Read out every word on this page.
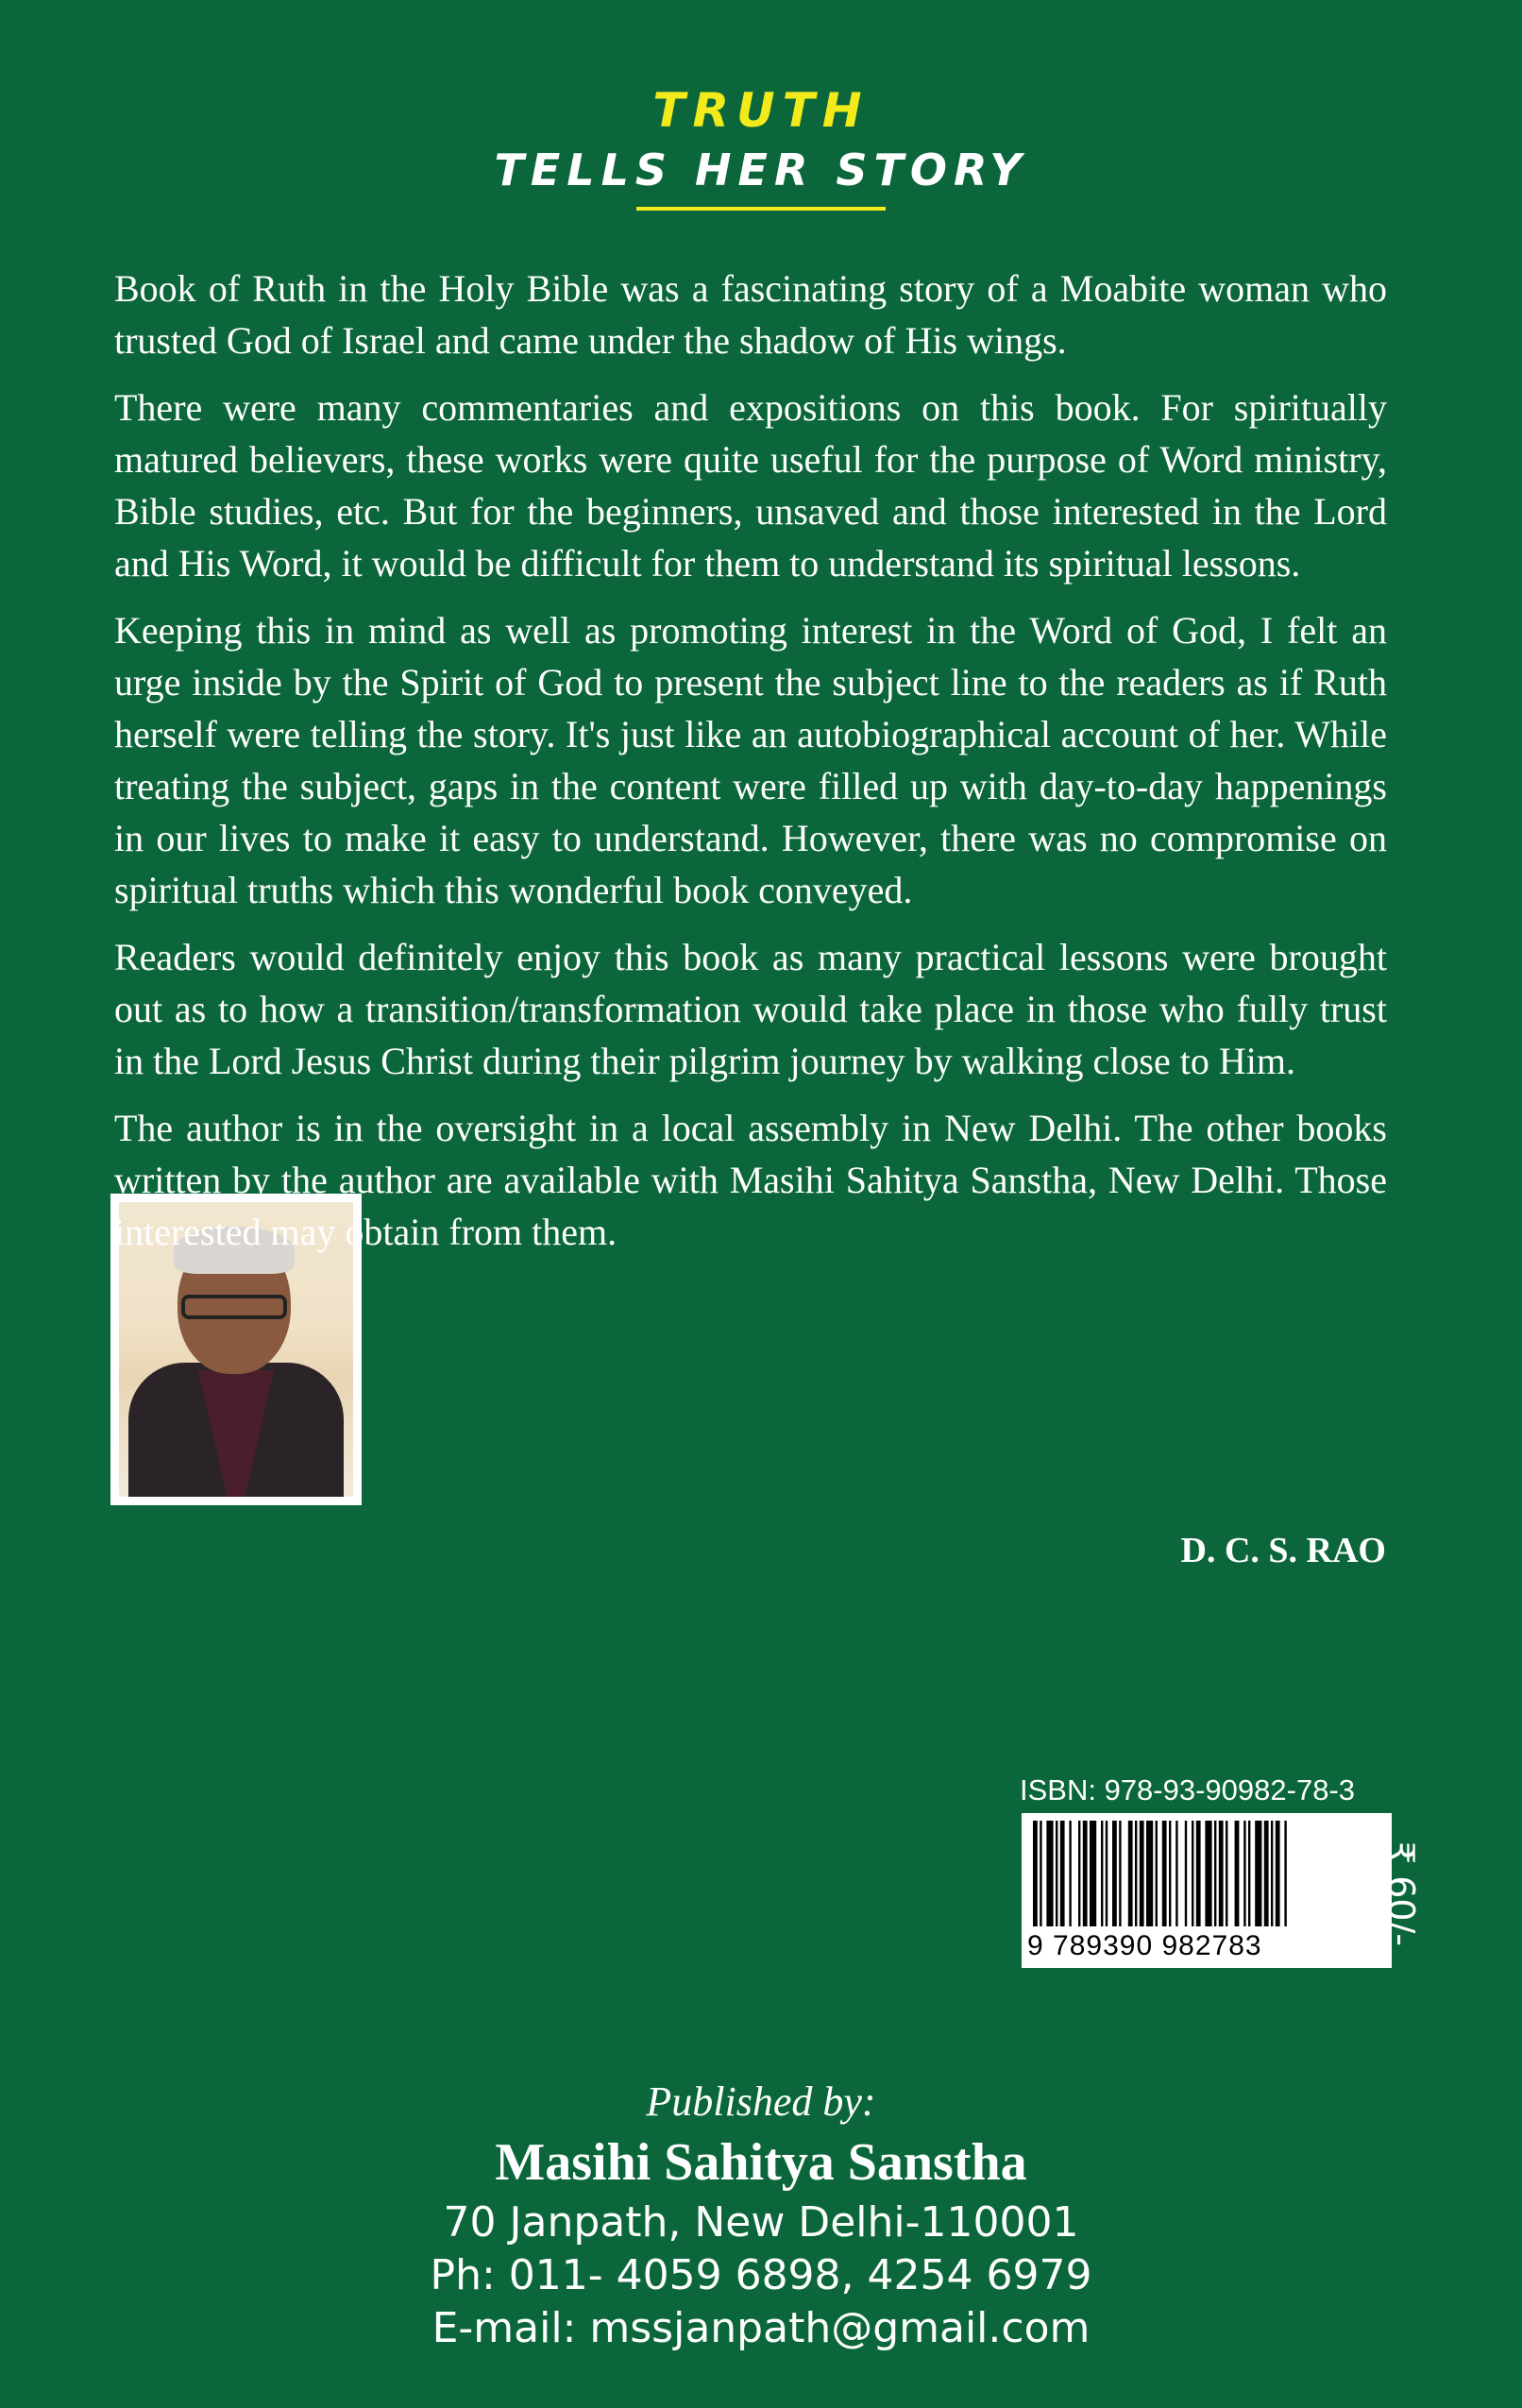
TRUTH
TELLS HER STORY

Book of Ruth in the Holy Bible was a fascinating story of a Moabite woman who trusted God of Israel and came under the shadow of His wings.

There were many commentaries and expositions on this book. For spiritually matured believers, these works were quite useful for the purpose of Word ministry, Bible studies, etc. But for the beginners, unsaved and those interested in the Lord and His Word, it would be difficult for them to understand its spiritual lessons.

Keeping this in mind as well as promoting interest in the Word of God, I felt an urge inside by the Spirit of God to present the subject line to the readers as if Ruth herself were telling the story. It's just like an autobiographical account of her. While treating the subject, gaps in the content were filled up with day-to-day happenings in our lives to make it easy to understand. However, there was no compromise on spiritual truths which this wonderful book conveyed.

Readers would definitely enjoy this book as many practical lessons were brought out as to how a transition/transformation would take place in those who fully trust in the Lord Jesus Christ during their pilgrim journey by walking close to Him.

The author is in the oversight in a local assembly in New Delhi. The other books written by the author are available with Masihi Sahitya Sanstha, New Delhi. Those interested may obtain from them.

D. C. S. RAO
ISBN: 978-93-90982-78-3
9 789390 982783	₹ 60/-
Published by:
Masihi Sahitya Sanstha
70 Janpath, New Delhi-110001
Ph: 011- 4059 6898, 4254 6979
E-mail: mssjanpath@gmail.com
